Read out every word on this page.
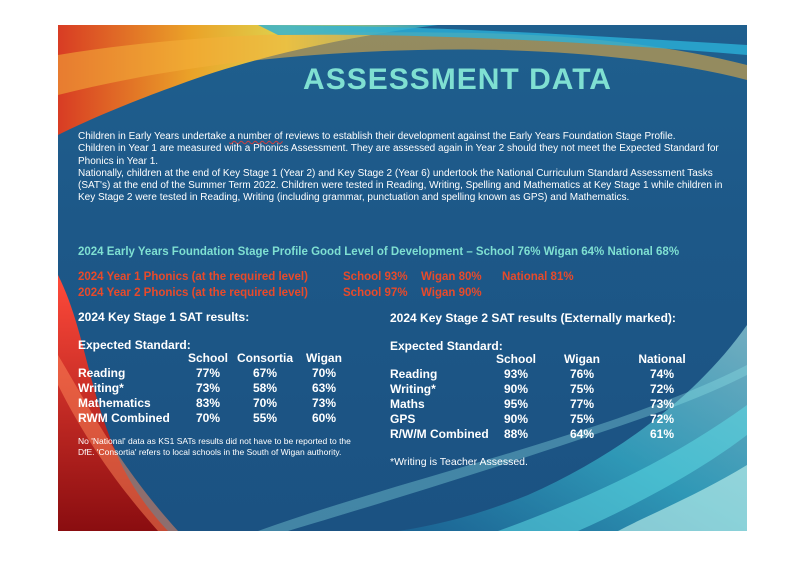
ASSESSMENT DATA

Children in Early Years undertake a number of reviews to establish their development against the Early Years Foundation Stage Profile.

Children in Year 1 are measured with a Phonics Assessment. They are assessed again in Year 2 should they not meet the Expected Standard for Phonics in Year 1.

Nationally, children at the end of Key Stage 1 (Year 2) and Key Stage 2 (Year 6) undertook the National Curriculum Standard Assessment Tasks (SAT's) at the end of the Summer Term 2022. Children were tested in Reading, Writing, Spelling and Mathematics at Key Stage 1 while children in Key Stage 2 were tested in Reading, Writing (including grammar, punctuation and spelling known as GPS) and Mathematics.

2024 Early Years Foundation Stage Profile Good Level of Development – School 76% Wigan 64% National 68%
2024 Year 1 Phonics (at the required level)	School 93% Wigan 80% National 81%
2024 Year 2 Phonics (at the required level)	School 97% Wigan 90%
2024 Key Stage 1 SAT results:
Expected Standard:
	School	Consortia	Wigan
Reading	77%	67%	70%
Writing*	73%	58%	63%
Mathematics	83%	70%	73%
RWM Combined	70%	55%	60%
No 'National' data as KS1 SATs results did not have to be reported to the DfE. 'Consortia' refers to local schools in the South of Wigan authority.
2024 Key Stage 2 SAT results (Externally marked):
Expected Standard:
	School	Wigan	National
Reading	93%	76%	74%
Writing*	90%	75%	72%
Maths	95%	77%	73%
GPS	90%	75%	72%
R/W/M Combined	88%	64%	61%
*Writing is Teacher Assessed.
